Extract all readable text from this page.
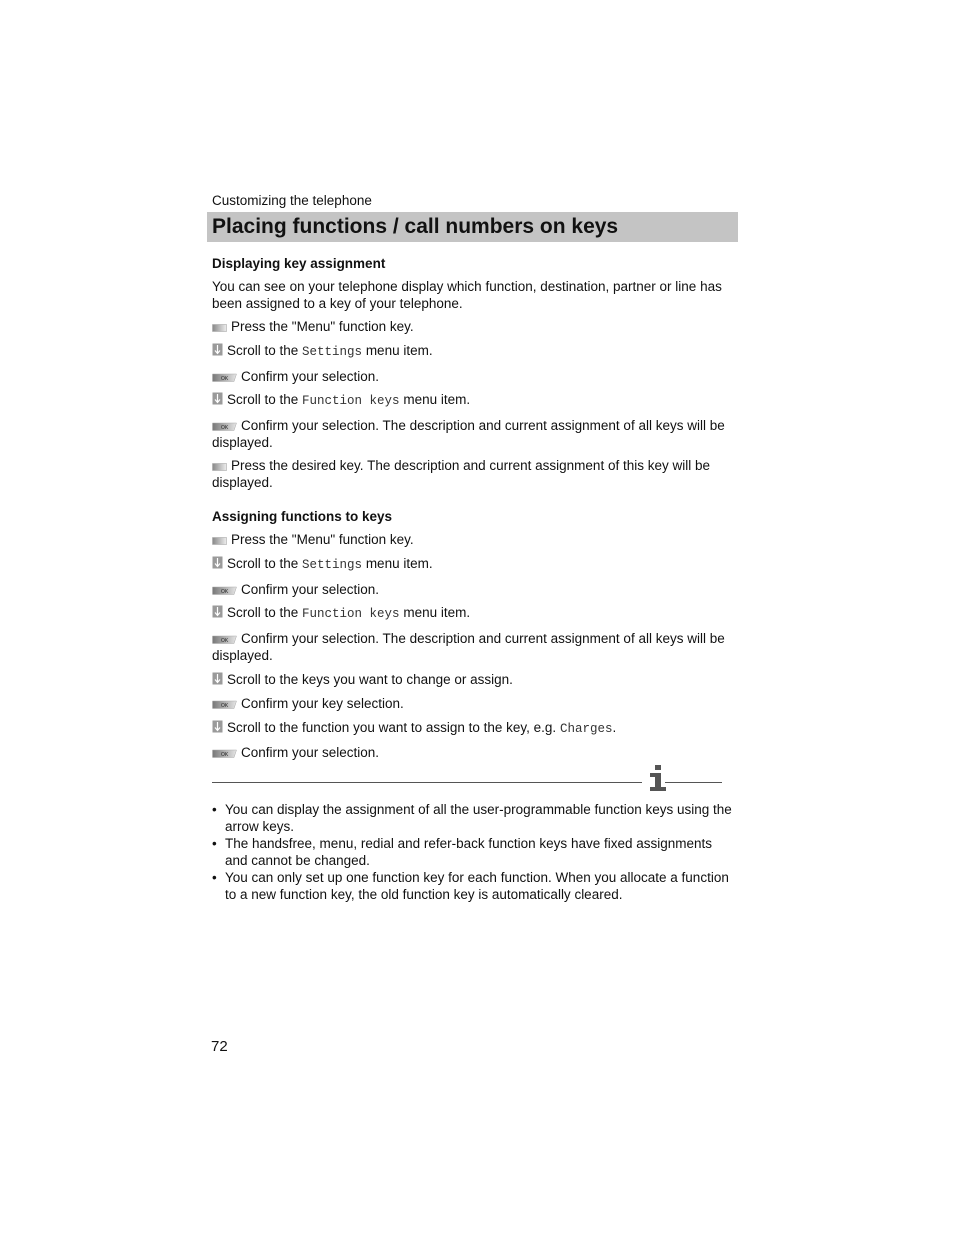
Customizing the telephone
Placing functions / call numbers on keys
Displaying key assignment

You can see on your telephone display which function, destination, partner or line has been assigned to a key of your telephone.

Press the "Menu" function key.
Scroll to the Settings menu item.
OK Confirm your selection.
Scroll to the Function keys menu item.
OK Confirm your selection. The description and current assignment of all keys will be displayed.
Press the desired key. The description and current assignment of this key will be displayed.
Assigning functions to keys
Press the "Menu" function key.
Scroll to the Settings menu item.
OK Confirm your selection.
Scroll to the Function keys menu item.
OK Confirm your selection. The description and current assignment of all keys will be displayed.
Scroll to the keys you want to change or assign.
OK Confirm your key selection.
Scroll to the function you want to assign to the key, e.g. Charges.
OK Confirm your selection.
• You can display the assignment of all the user-programmable function keys using the arrow keys.
• The handsfree, menu, redial and refer-back function keys have fixed assignments and cannot be changed.
• You can only set up one function key for each function. When you allocate a function to a new function key, the old function key is automatically cleared.
72
